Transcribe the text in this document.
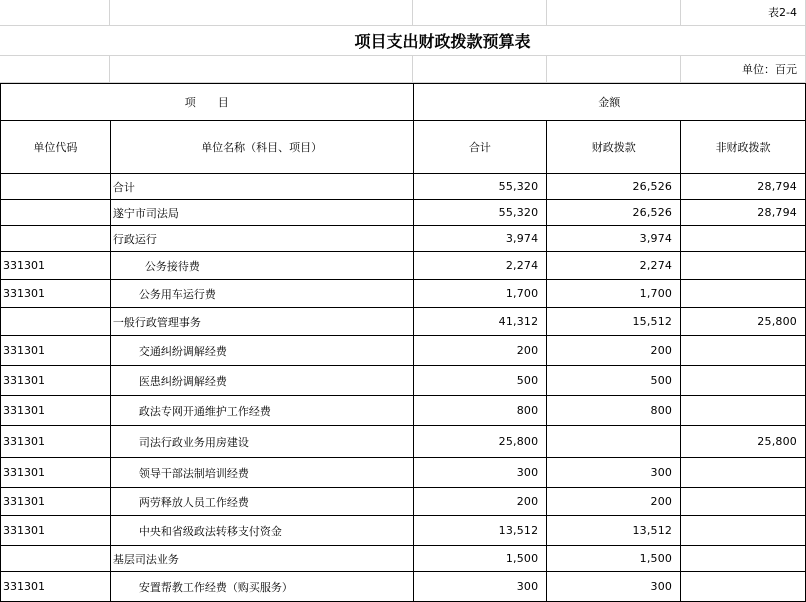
				表2-4
项目支出财政拨款预算表				
				单位：百元
项　　目		金额		
单位代码	单位名称（科目、项目）	合计	财政拨款	非财政拨款
	合计	55,320	26,526	28,794
	遂宁市司法局	55,320	26,526	28,794
	行政运行	3,974	3,974	
331301	公务接待费	2,274	2,274	
331301	公务用车运行费	1,700	1,700	
	一般行政管理事务	41,312	15,512	25,800
331301	交通纠纷调解经费	200	200	
331301	医患纠纷调解经费	500	500	
331301	政法专网开通维护工作经费	800	800	
331301	司法行政业务用房建设	25,800		25,800
331301	领导干部法制培训经费	300	300	
331301	两劳释放人员工作经费	200	200	
331301	中央和省级政法转移支付资金	13,512	13,512	
	基层司法业务	1,500	1,500	
331301	安置帮教工作经费（购买服务）	300	300	
